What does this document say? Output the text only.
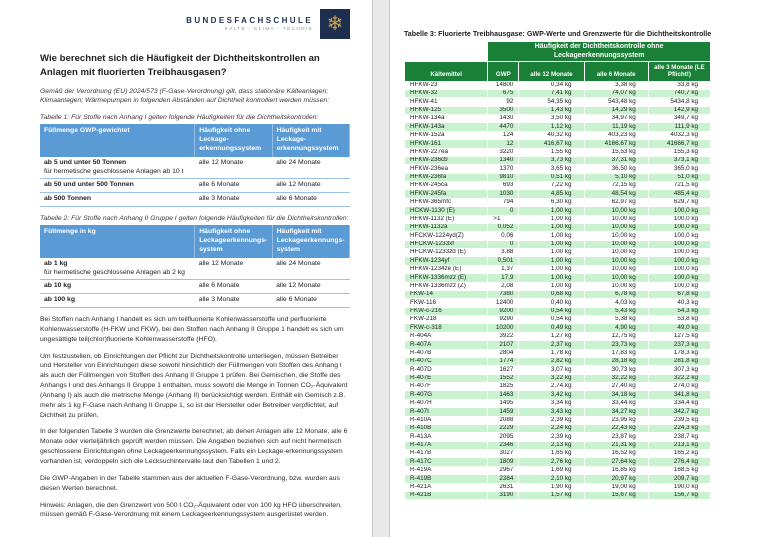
BUNDESFACHSCHULE
KÄLTE - KLIMA - TECHNIK ❄
Wie berechnet sich die Häufigkeit der Dichtheitskontrollen an Anlagen mit fluorierten Treibhausgasen?
Gemäß der Verordnung (EU) 2024/573 (F-Gase-Verordnung) gilt, dass stationäre Kälteanlagen; Klimaanlagen; Wärmepumpen in folgenden Abständen auf Dichtheit kontrolliert werden müssen:
Tabelle 1: Für Stoffe nach Anhang I gelten folgende Häufigkeiten für die Dichtheitskontrollen:
Füllmenge GWP-gewichtet	Häufigkeit ohne Leckage-erkennungssystem	Häufigkeit mit Leckage-erkennungssystem
ab 5 und unter 50 Tonnen
für hermetische geschlossene Anlagen ab 10 t	alle 12 Monate	alle 24 Monate
ab 50 und unter 500 Tonnen	alle 6 Monate	alle 12 Monate
ab 500 Tonnen	alle 3 Monate	alle 6 Monate
Tabelle 2: Für Stoffe nach Anhang II Gruppe I gelten folgende Häufigkeiten für die Dichtheitskontrollen:
Füllmenge in kg	Häufigkeit ohne Leckageerkennungs-system	Häufigkeit mit Leckageerkennungs-system
ab 1 kg
für hermetische geschlossene Anlagen ab 2 kg	alle 12 Monate	alle 24 Monate
ab 10 kg	alle 6 Monate	alle 12 Monate
ab 100 kg	alle 3 Monate	alle 6 Monate

Bei Stoffen nach Anhang I handelt es sich um teilfluorierte Kohlenwasserstoffe und perfluorierte Kohlenwasserstoffe (H-FKW und FKW), bei den Stoffen nach Anhang II Gruppe 1 handelt es sich um ungesättigte teil(chlor)fluorierte Kohlenwasserstoffe (HFO).

Um festzustellen, ob Einrichtungen der Pflicht zur Dichtheitskontrolle unterliegen, müssen Betreiber und Hersteller von Einrichtungen diese sowohl hinsichtlich der Füllmengen von Stoffen des Anhang I als auch der Füllmengen von Stoffen des Anhang II Gruppe 1 prüfen. Bei Gemischen, die Stoffe des Anhangs I und des Anhangs II Gruppe 1 enthalten, muss sowohl die Menge in Tonnen CO₂-Äquivalent (Anhang I) als auch die metrische Menge (Anhang II) berücksichtigt werden. Enthält ein Gemisch z.B. mehr als 1 kg F-Gase nach Anhang II Gruppe 1, so ist der Hersteller oder Betreiber verpflichtet, auf Dichtheit zu prüfen.

In der folgenden Tabelle 3 wurden die Grenzwerte berechnet, ab denen Anlagen alle 12 Monate, alle 6 Monate oder vierteljährlich geprüft werden müssen. Die Angaben beziehen sich auf nicht hermetisch geschlossene Einrichtungen ohne Leckageerkennungssystem. Falls ein Leckage-erkennungssystem vorhanden ist, verdoppeln sich die Lecksuchintervalle laut den Tabellen 1 und 2.

Die GWP-Angaben in der Tabelle stammen aus der aktuellen F-Gase-Verordnung, bzw. wurden aus diesen Werten berechnet.

Hinweis: Anlagen, die den Grenzwert von 500 t CO₂-Äquivalent oder von 100 kg HFO überschreiten, müssen gemäß F-Gase-Verordnung mit einem Leckageerkennungssystem ausgerüstet werden.

Tabelle 3: Fluorierte Treibhausgase: GWP-Werte und Grenzwerte für die Dichtheitskontrolle
	Häufigkeit der Dichtheitskontrolle ohne Leckageerkennungssystem			
Kältemittel	GWP	alle 12 Monate	alle 6 Monate	alle 3 Monate (LE Pflicht!)
HFKW-23	14800	0,34 kg	3,38 kg	33,8 kg
HFKW-32	675	7,41 kg	74,07 kg	740,7 kg
HFKW-41	92	54,35 kg	543,48 kg	5434,8 kg
HFKW-125	3500	1,43 kg	14,29 kg	142,9 kg
HFKW-134a	1430	3,50 kg	34,97 kg	349,7 kg
HFKW-143a	4470	1,12 kg	11,19 kg	111,9 kg
HFKW-152a	124	40,32 kg	403,23 kg	4032,3 kg
HFKW-161	12	416,67 kg	4166,67 kg	41666,7 kg
HFKW-227ea	3220	1,55 kg	15,53 kg	155,3 kg
HFKW-236cb	1340	3,73 kg	37,31 kg	373,1 kg
HFKW-236ea	1370	3,65 kg	36,50 kg	365,0 kg
HFKW-236fa	9810	0,51 kg	5,10 kg	51,0 kg
HFKW-245ca	693	7,22 kg	72,15 kg	721,5 kg
HFKW-245fa	1030	4,85 kg	48,54 kg	485,4 kg
HFKW-365mfc	794	6,30 kg	62,97 kg	629,7 kg
HCKW-1130 (E)	0	1,00 kg	10,00 kg	100,0 kg
HFKW-1132 (E)	>1	1,00 kg	10,00 kg	100,0 kg
HFKW-1132a	0,052	1,00 kg	10,00 kg	100,0 kg
HFCKW-1224yd(Z)	0,06	1,00 kg	10,00 kg	100,0 kg
HFCKW-1233xf	0	1,00 kg	10,00 kg	100,0 kg
HFCKW-1233zd (E)	3,88	1,00 kg	10,00 kg	100,0 kg
HFKW-1234yf	0,501	1,00 kg	10,00 kg	100,0 kg
HFKW-1234ze (E)	1,37	1,00 kg	10,00 kg	100,0 kg
HFKW-1336mzz (E)	17,9	1,00 kg	10,00 kg	100,0 kg
HFKW-1336mzz (Z)	2,08	1,00 kg	10,00 kg	100,0 kg
FKW-14	7380	0,68 kg	6,78 kg	67,8 kg
FKW-116	12400	0,40 kg	4,03 kg	40,3 kg
FKW-c-216	9200	0,54 kg	5,43 kg	54,3 kg
FKW-218	9290	0,54 kg	5,38 kg	53,8 kg
FKW-c-318	10200	0,49 kg	4,90 kg	49,0 kg
R-404A	3922	1,27 kg	12,75 kg	127,5 kg
R-407A	2107	2,37 kg	23,73 kg	237,3 kg
R-407B	2804	1,78 kg	17,83 kg	178,3 kg
R-407C	1774	2,82 kg	28,18 kg	281,8 kg
R-407D	1627	3,07 kg	30,73 kg	307,3 kg
R-407E	1552	3,22 kg	32,22 kg	322,2 kg
R-407F	1825	2,74 kg	27,40 kg	274,0 kg
R-407G	1463	3,42 kg	34,18 kg	341,8 kg
R-407H	1495	3,34 kg	33,44 kg	334,4 kg
R-407I	1459	3,43 kg	34,27 kg	342,7 kg
R-410A	2088	2,39 kg	23,95 kg	239,5 kg
R-410B	2229	2,24 kg	22,43 kg	224,3 kg
R-413A	2095	2,39 kg	23,87 kg	238,7 kg
R-417A	2346	2,13 kg	21,31 kg	213,1 kg
R-417B	3027	1,65 kg	16,52 kg	165,2 kg
R-417C	1809	2,76 kg	27,64 kg	276,4 kg
R-419A	2967	1,69 kg	16,85 kg	168,5 kg
R-419B	2384	2,10 kg	20,97 kg	209,7 kg
R-421A	2631	1,90 kg	19,00 kg	190,0 kg
R-421B	3190	1,57 kg	15,67 kg	156,7 kg
